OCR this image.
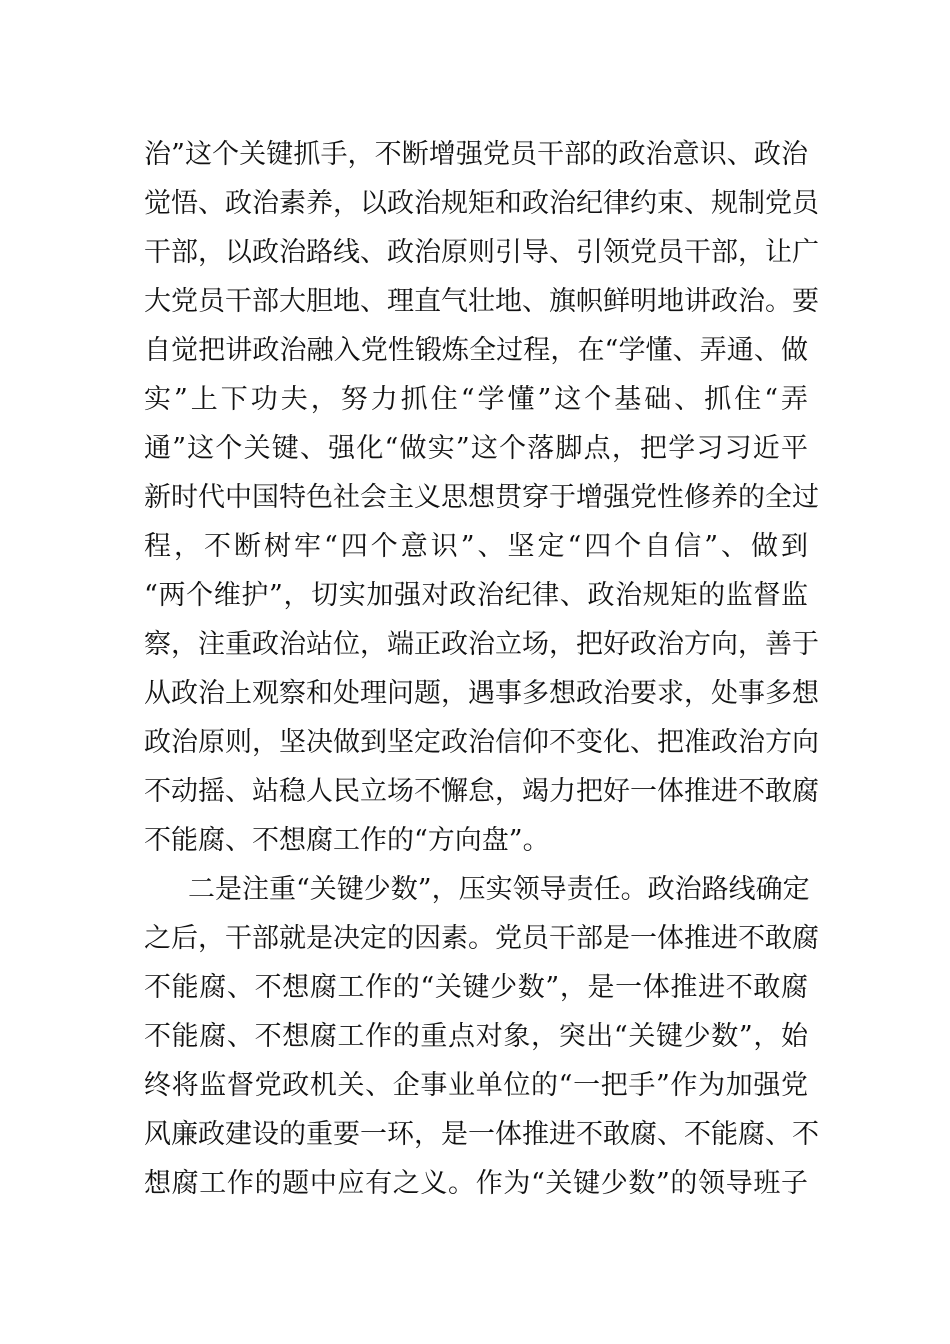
治”这个关键抓手，不断增强党员干部的政治意识、政治
觉悟、政治素养，以政治规矩和政治纪律约束、规制党员
干部，以政治路线、政治原则引导、引领党员干部，让广
大党员干部大胆地、理直气壮地、旗帜鲜明地讲政治。要
自觉把讲政治融入党性锻炼全过程，在“学懂、弄通、做
实”上下功夫，努力抓住“学懂”这个基础、抓住“弄
通”这个关键、强化“做实”这个落脚点，把学习习近平
新时代中国特色社会主义思想贯穿于增强党性修养的全过
程，不断树牢“四个意识”、坚定“四个自信”、做到
“两个维护”，切实加强对政治纪律、政治规矩的监督监
察，注重政治站位，端正政治立场，把好政治方向，善于
从政治上观察和处理问题，遇事多想政治要求，处事多想
政治原则，坚决做到坚定政治信仰不变化、把准政治方向
不动摇、站稳人民立场不懈怠，竭力把好一体推进不敢腐
不能腐、不想腐工作的“方向盘”。
二是注重“关键少数”，压实领导责任。政治路线确定
之后，干部就是决定的因素。党员干部是一体推进不敢腐
不能腐、不想腐工作的“关键少数”，是一体推进不敢腐
不能腐、不想腐工作的重点对象，突出“关键少数”，始
终将监督党政机关、企事业单位的“一把手”作为加强党
风廉政建设的重要一环，是一体推进不敢腐、不能腐、不
想腐工作的题中应有之义。作为“关键少数”的领导班子
